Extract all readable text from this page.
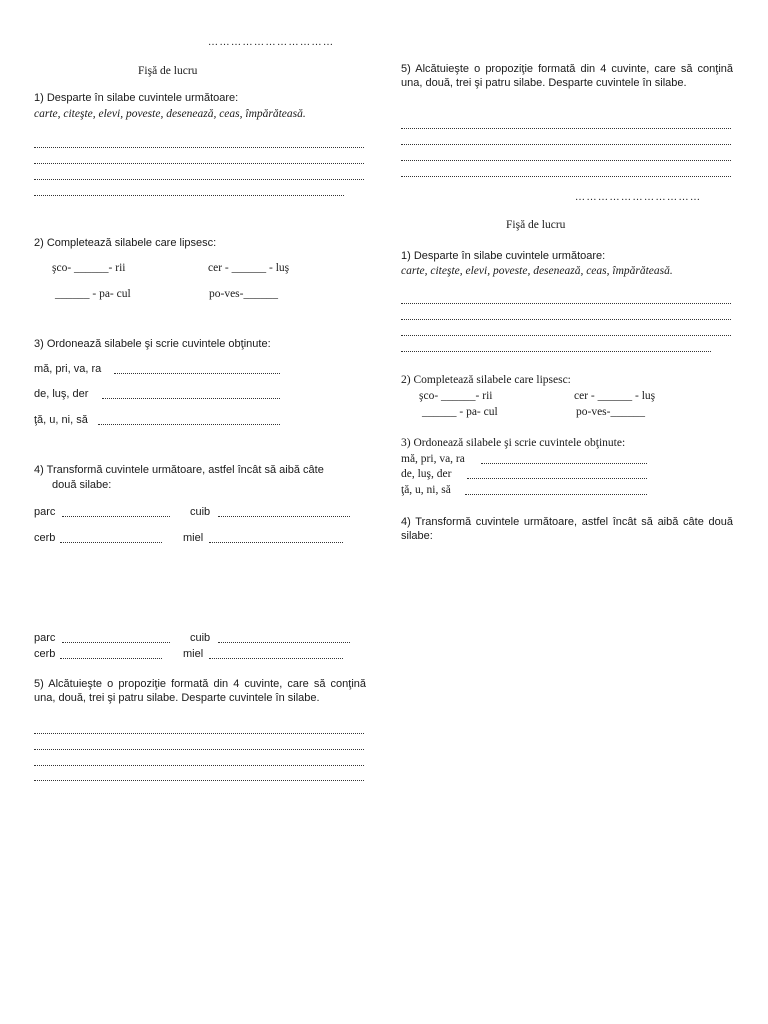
……………………………
Fişă de lucru
1) Desparte în silabe cuvintele următoare:
carte, citeşte, elevi, poveste, desenează, ceas, împărăteasă.
2) Completează silabele care lipsesc:
şco- ______- rii	cer - ______ - luş
______ - pa- cul	po-ves-______
3) Ordonează silabele şi scrie cuvintele obţinute:
mă, pri, va, ra
de, luş, der
ţă, u, ni, să
4) Transformă cuvintele următoare, astfel încât să aibă câte
două silabe:
parc	cuib
cerb	miel
parc	cuib
cerb	miel
5) Alcătuieşte o propoziţie formată din 4 cuvinte, care să conţină una, două, trei şi patru silabe. Desparte cuvintele în silabe.
5) Alcătuieşte o propoziţie formată din 4 cuvinte, care să conţină una, două, trei şi patru silabe. Desparte cuvintele în silabe.
……………………………
Fişă de lucru
1) Desparte în silabe cuvintele următoare:
carte, citeşte, elevi, poveste, desenează, ceas, împărăteasă.
2) Completează silabele care lipsesc:
şco- ______- rii	cer - ______ - luş
______ - pa- cul	po-ves-______
3) Ordonează silabele şi scrie cuvintele obţinute:
mă, pri, va, ra
de, luş, der
ţă, u, ni, să
4) Transformă cuvintele următoare, astfel încât să aibă câte două silabe:
